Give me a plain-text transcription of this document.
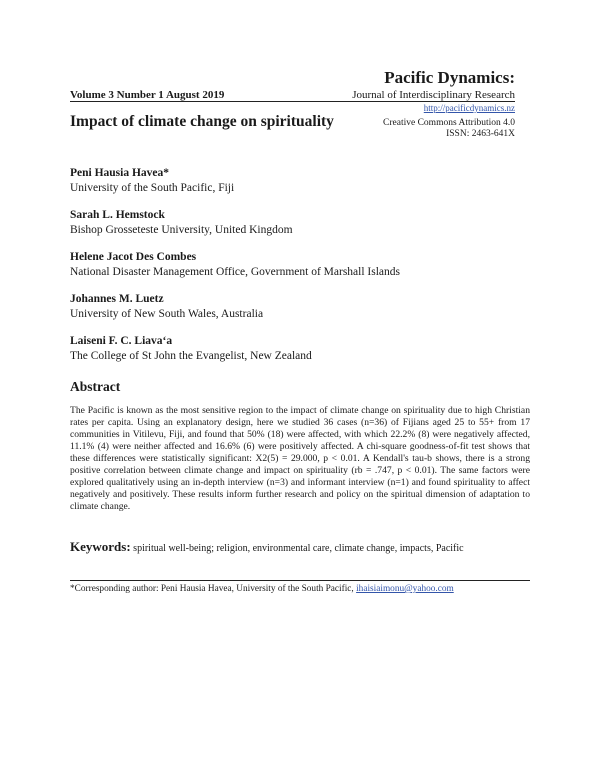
Pacific Dynamics:
Volume 3 Number 1 August 2019	Journal of Interdisciplinary Research
http://pacificdynamics.nz
Impact of climate change on spirituality	Creative Commons Attribution 4.0
ISSN: 2463-641X
Peni Hausia Havea*
University of the South Pacific, Fiji
Sarah L. Hemstock
Bishop Grosseteste University, United Kingdom
Helene Jacot Des Combes
National Disaster Management Office, Government of Marshall Islands
Johannes M. Luetz
University of New South Wales, Australia
Laiseni F. C. Liava‘a
The College of St John the Evangelist, New Zealand
Abstract
The Pacific is known as the most sensitive region to the impact of climate change on spirituality due to high Christian rates per capita. Using an explanatory design, here we studied 36 cases (n=36) of Fijians aged 25 to 55+ from 17 communities in Vitilevu, Fiji, and found that 50% (18) were affected, with which 22.2% (8) were negatively affected, 11.1% (4) were neither affected and 16.6% (6) were positively affected. A chi-square goodness-of-fit test shows that these differences were statistically significant: X2(5) = 29.000, p < 0.01. A Kendall's tau-b shows, there is a strong positive correlation between climate change and impact on spirituality (rb = .747, p < 0.01). The same factors were explored qualitatively using an in-depth interview (n=3) and informant interview (n=1) and found spirituality to affect negatively and positively. These results inform further research and policy on the spiritual dimension of adaptation to climate change.
Keywords: spiritual well-being; religion, environmental care, climate change, impacts, Pacific
*Corresponding author: Peni Hausia Havea, University of the South Pacific, ihaisiaimonu@yahoo.com
